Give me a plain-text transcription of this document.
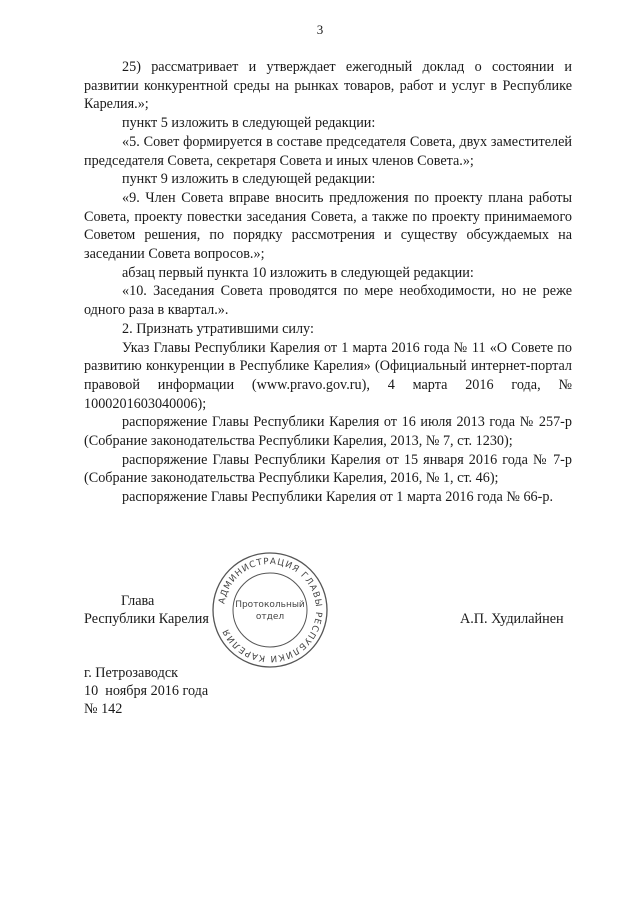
3

25) рассматривает и утверждает ежегодный доклад о состоянии и развитии конкурентной среды на рынках товаров, работ и услуг в Республике Карелия.»;

пункт 5 изложить в следующей редакции:

«5. Совет формируется в составе председателя Совета, двух заместителей председателя Совета, секретаря Совета и иных членов Совета.»;

пункт 9 изложить в следующей редакции:

«9. Член Совета вправе вносить предложения по проекту плана работы Совета, проекту повестки заседания Совета, а также по проекту принимаемого Советом решения, по порядку рассмотрения и существу обсуждаемых на заседании Совета вопросов.»;

абзац первый пункта 10 изложить в следующей редакции:

«10. Заседания Совета проводятся по мере необходимости, но не реже одного раза в квартал.».

2. Признать утратившими силу:

Указ Главы Республики Карелия от 1 марта 2016 года № 11 «О Совете по развитию конкуренции в Республике Карелия» (Официальный интернет-портал правовой информации (www.pravo.gov.ru), 4 марта 2016 года, № 1000201603040006);

распоряжение Главы Республики Карелия от 16 июля 2013 года № 257-р (Собрание законодательства Республики Карелия, 2013, № 7, ст. 1230);

распоряжение Главы Республики Карелия от 15 января 2016 года № 7-р (Собрание законодательства Республики Карелия, 2016, № 1, ст. 46);

распоряжение Главы Республики Карелия от 1 марта 2016 года № 66-р.

Глава
Республики Карелия	А.П. Худилайнен
АДМИНИСТРАЦИЯ ГЛАВЫ РЕСПУБЛИКИ КАРЕЛИЯ
Протокольный
отдел
г. Петрозаводск
10  ноября 2016 года
№ 142
